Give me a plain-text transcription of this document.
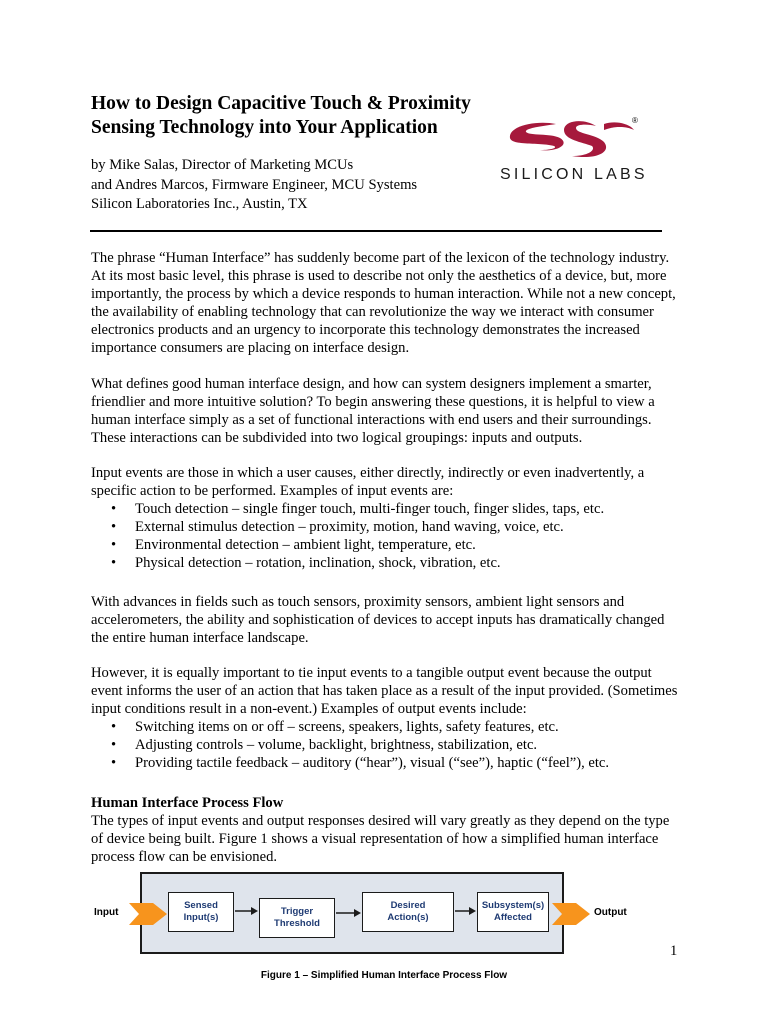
How to Design Capacitive Touch & Proximity
Sensing Technology into Your Application
by Mike Salas, Director of Marketing MCUs
and Andres Marcos, Firmware Engineer, MCU Systems
Silicon Laboratories Inc., Austin, TX
®
SILICON LABS

The phrase “Human Interface” has suddenly become part of the lexicon of the technology industry. At its most basic level, this phrase is used to describe not only the aesthetics of a device, but, more importantly, the process by which a device responds to human interaction. While not a new concept, the availability of enabling technology that can revolutionize the way we interact with consumer electronics products and an urgency to incorporate this technology demonstrates the increased importance consumers are placing on interface design.

What defines good human interface design, and how can system designers implement a smarter, friendlier and more intuitive solution? To begin answering these questions, it is helpful to view a human interface simply as a set of functional interactions with end users and their surroundings. These interactions can be subdivided into two logical groupings: inputs and outputs.

Input events are those in which a user causes, either directly, indirectly or even inadvertently, a specific action to be performed. Examples of input events are:

• Touch detection – single finger touch, multi-finger touch, finger slides, taps, etc.
• External stimulus detection – proximity, motion, hand waving, voice, etc.
• Environmental detection – ambient light, temperature, etc.
• Physical detection – rotation, inclination, shock, vibration, etc.

With advances in fields such as touch sensors, proximity sensors, ambient light sensors and accelerometers, the ability and sophistication of devices to accept inputs has dramatically changed the entire human interface landscape.

However, it is equally important to tie input events to a tangible output event because the output event informs the user of an action that has taken place as a result of the input provided. (Sometimes input conditions result in a non-event.) Examples of output events include:

• Switching items on or off – screens, speakers, lights, safety features, etc.
• Adjusting controls – volume, backlight, brightness, stabilization, etc.
• Providing tactile feedback – auditory (“hear”), visual (“see”), haptic (“feel”), etc.
Human Interface Process Flow

The types of input events and output responses desired will vary greatly as they depend on the type of device being built. Figure 1 shows a visual representation of how a simplified human interface process flow can be envisioned.

Input
Sensed
Input(s)
Trigger
Threshold
Desired
Action(s)
Subsystem(s)
Affected	Output
1
Figure 1 – Simplified Human Interface Process Flow
